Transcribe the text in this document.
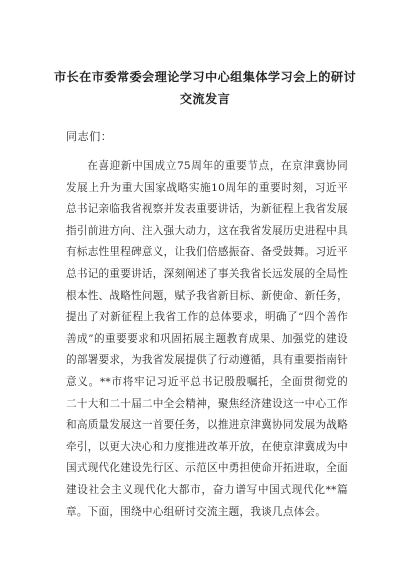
市长在市委常委会理论学习中心组集体学习会上的研讨交流发言
同志们：

在喜迎新中国成立75周年的重要节点，在京津冀协同发展上升为重大国家战略实施10周年的重要时刻，习近平总书记亲临我省视察并发表重要讲话，为新征程上我省发展指引前进方向、注入强大动力，这在我省发展历史进程中具有标志性里程碑意义，让我们倍感振奋、备受鼓舞。习近平总书记的重要讲话，深刻阐述了事关我省长远发展的全局性根本性、战略性问题，赋予我省新目标、新使命、新任务，提出了对新征程上我省工作的总体要求，明确了“四个善作善成”的重要要求和巩固拓展主题教育成果、加强党的建设的部署要求，为我省发展提供了行动遵循，具有重要指南针意义。**市将牢记习近平总书记殷殷嘱托，全面贯彻党的二十大和二十届二中全会精神，聚焦经济建设这一中心工作和高质量发展这一首要任务，以推进京津冀协同发展为战略牵引，以更大决心和力度推进改革开放，在使京津冀成为中国式现代化建设先行区、示范区中勇担使命开拓进取，全面建设社会主义现代化大都市，奋力谱写中国式现代化**篇章。下面，围绕中心组研讨交流主题，我谈几点体会。
